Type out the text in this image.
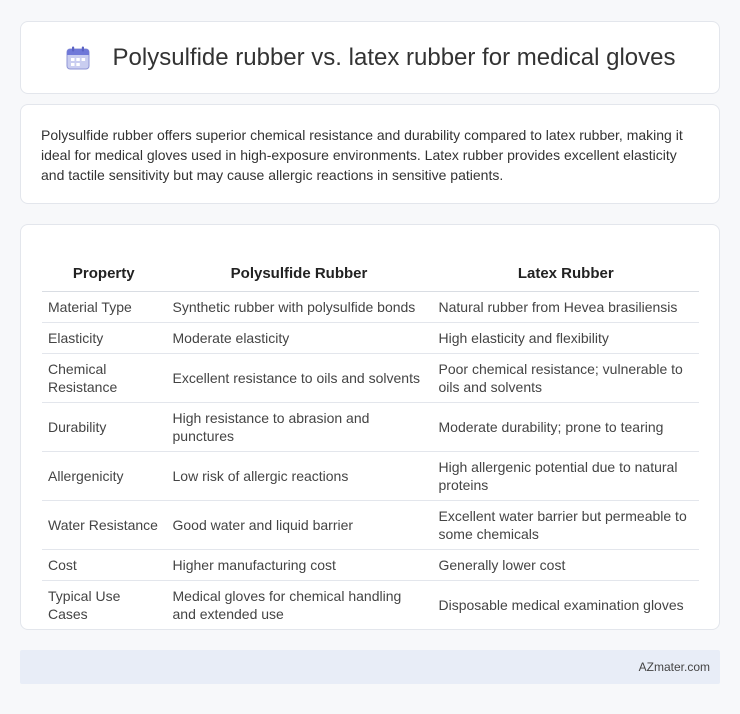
Polysulfide rubber vs. latex rubber for medical gloves

Polysulfide rubber offers superior chemical resistance and durability compared to latex rubber, making it ideal for medical gloves used in high-exposure environments. Latex rubber provides excellent elasticity and tactile sensitivity but may cause allergic reactions in sensitive patients.

Property	Polysulfide Rubber	Latex Rubber
Material Type	Synthetic rubber with polysulfide bonds	Natural rubber from Hevea brasiliensis
Elasticity	Moderate elasticity	High elasticity and flexibility
Chemical Resistance	Excellent resistance to oils and solvents	Poor chemical resistance; vulnerable to oils and solvents
Durability	High resistance to abrasion and punctures	Moderate durability; prone to tearing
Allergenicity	Low risk of allergic reactions	High allergenic potential due to natural proteins
Water Resistance	Good water and liquid barrier	Excellent water barrier but permeable to some chemicals
Cost	Higher manufacturing cost	Generally lower cost
Typical Use Cases	Medical gloves for chemical handling and extended use	Disposable medical examination gloves
AZmater.com
